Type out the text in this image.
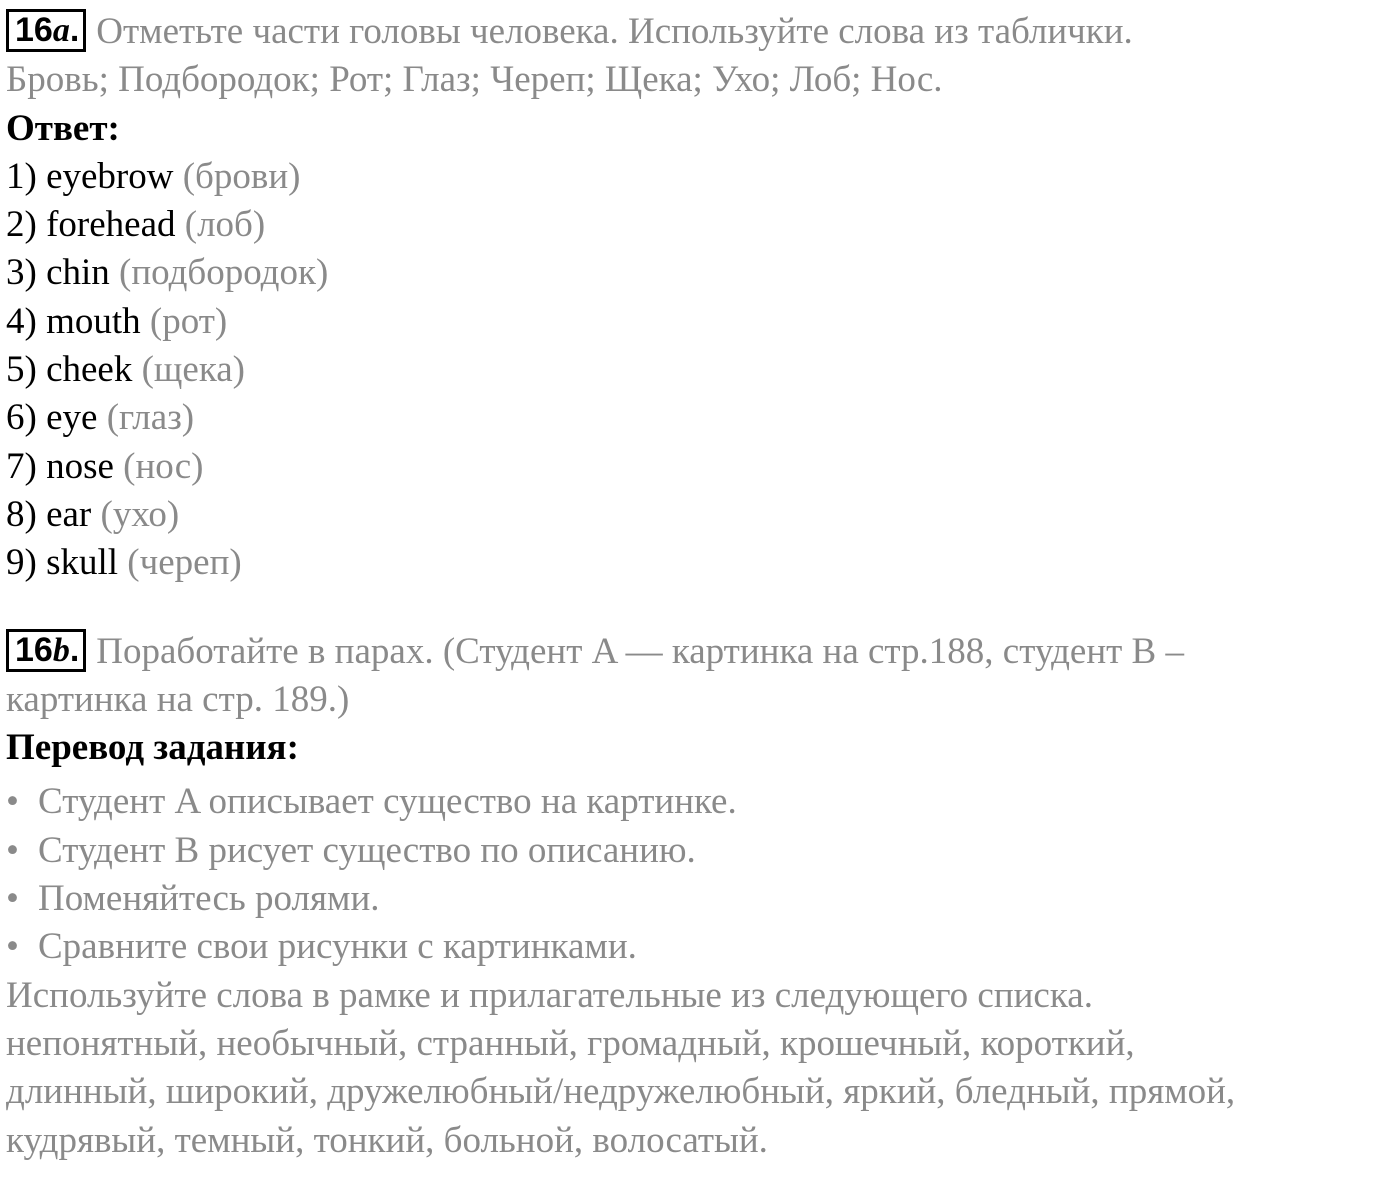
16a. Отметьте части головы человека. Используйте слова из таблички.
Бровь; Подбородок; Рот; Глаз; Череп; Щека; Ухо; Лоб; Нос.
Ответ:
1) eyebrow (брови)
2) forehead (лоб)
3) chin (подбородок)
4) mouth (рот)
5) cheek (щека)
6) eye (глаз)
7) nose (нос)
8) ear (ухо)
9) skull (череп)
16b. Поработайте в парах. (Студент A — картинка на стр.188, студент B –
картинка на стр. 189.)
Перевод задания:
• Студент A описывает существо на картинке.
• Студент B рисует существо по описанию.
• Поменяйтесь ролями.
• Сравните свои рисунки с картинками.
Используйте слова в рамке и прилагательные из следующего списка.
непонятный, необычный, странный, громадный, крошечный, короткий,
длинный, широкий, дружелюбный/недружелюбный, яркий, бледный, прямой,
кудрявый, темный, тонкий, больной, волосатый.
